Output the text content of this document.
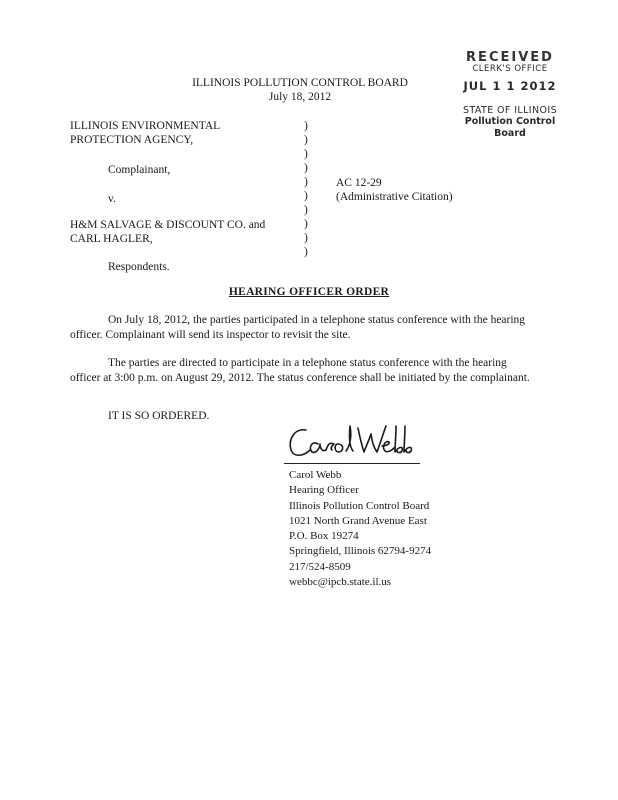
RECEIVED
CLERK'S OFFICE
JUL 1 1 2012
STATE OF ILLINOIS
Pollution Control Board
ILLINOIS POLLUTION CONTROL BOARD
July 18, 2012
ILLINOIS ENVIRONMENTAL
PROTECTION AGENCY,
Complainant,
v.
H&M SALVAGE & DISCOUNT CO. and
CARL HAGLER,
Respondents.
)
)
)
)
)
)
)
)
)
)
AC 12-29
(Administrative Citation)
HEARING OFFICER ORDER
On July 18, 2012, the parties participated in a telephone status conference with the hearing officer. Complainant will send its inspector to revisit the site.
The parties are directed to participate in a telephone status conference with the hearing officer at 3:00 p.m. on August 29, 2012. The status conference shall be initiated by the complainant.
IT IS SO ORDERED.
Carol Webb
Hearing Officer
Illinois Pollution Control Board
1021 North Grand Avenue East
P.O. Box 19274
Springfield, Illinois 62794-9274
217/524-8509
webbc@ipcb.state.il.us
